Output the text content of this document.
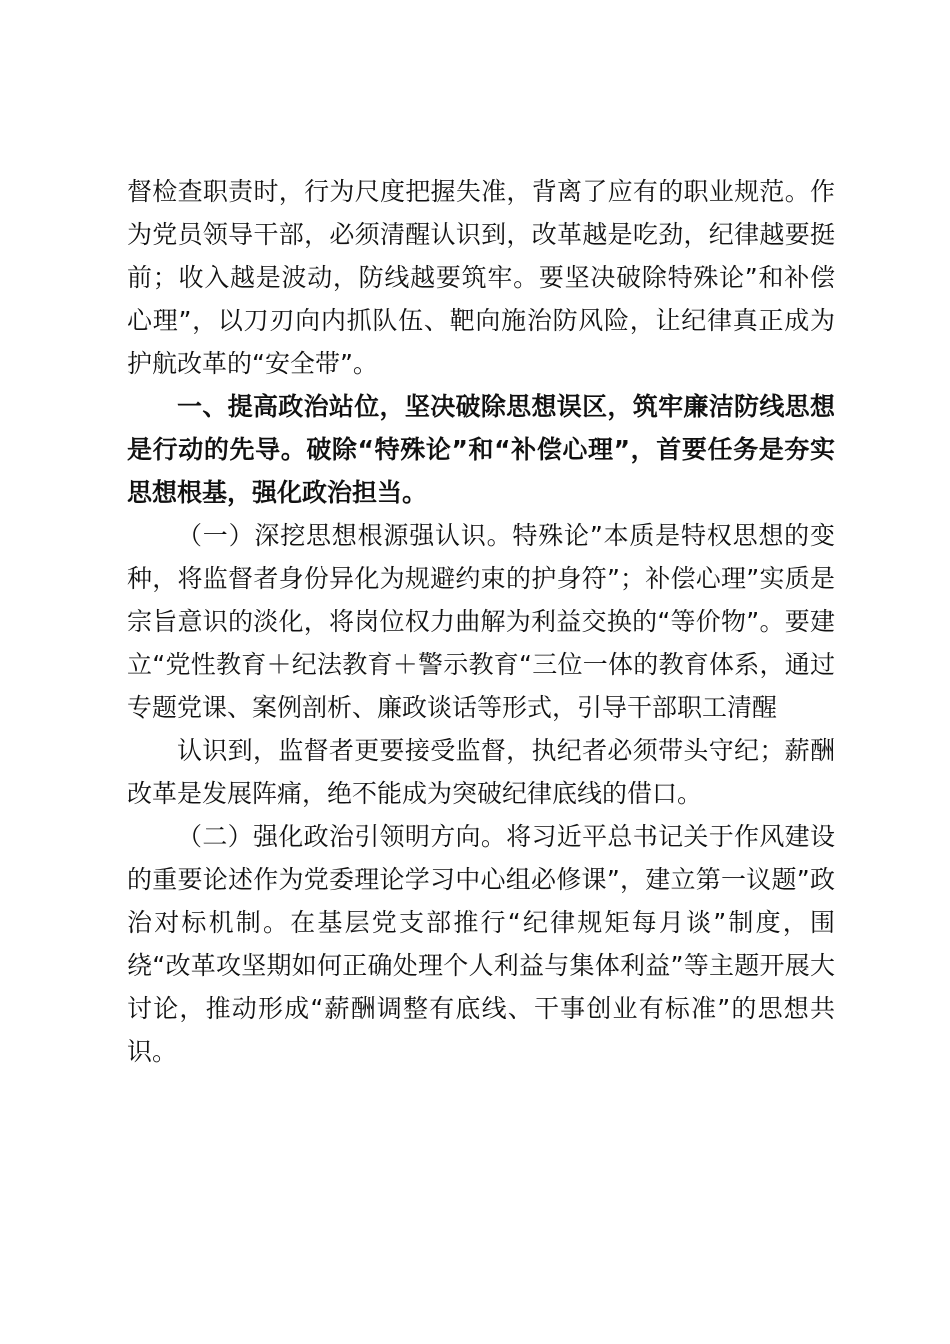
督检查职责时，行为尺度把握失准，背离了应有的职业规范。作为党员领导干部，必须清醒认识到，改革越是吃劲，纪律越要挺前；收入越是波动，防线越要筑牢。要坚决破除特殊论”和补偿心理”，以刀刃向内抓队伍、靶向施治防风险，让纪律真正成为护航改革的“安全带”。

一、提高政治站位，坚决破除思想误区，筑牢廉洁防线思想是行动的先导。破除“特殊论”和“补偿心理”，首要任务是夯实思想根基，强化政治担当。

（一）深挖思想根源强认识。特殊论”本质是特权思想的变种，将监督者身份异化为规避约束的护身符”；补偿心理”实质是宗旨意识的淡化，将岗位权力曲解为利益交换的“等价物”。要建立“党性教育＋纪法教育＋警示教育“三位一体的教育体系，通过专题党课、案例剖析、廉政谈话等形式，引导干部职工清醒

认识到，监督者更要接受监督，执纪者必须带头守纪；薪酬改革是发展阵痛，绝不能成为突破纪律底线的借口。

（二）强化政治引领明方向。将习近平总书记关于作风建设的重要论述作为党委理论学习中心组必修课”，建立第一议题”政治对标机制。在基层党支部推行“纪律规矩每月谈”制度，围绕“改革攻坚期如何正确处理个人利益与集体利益”等主题开展大讨论，推动形成“薪酬调整有底线、干事创业有标准”的思想共识。
